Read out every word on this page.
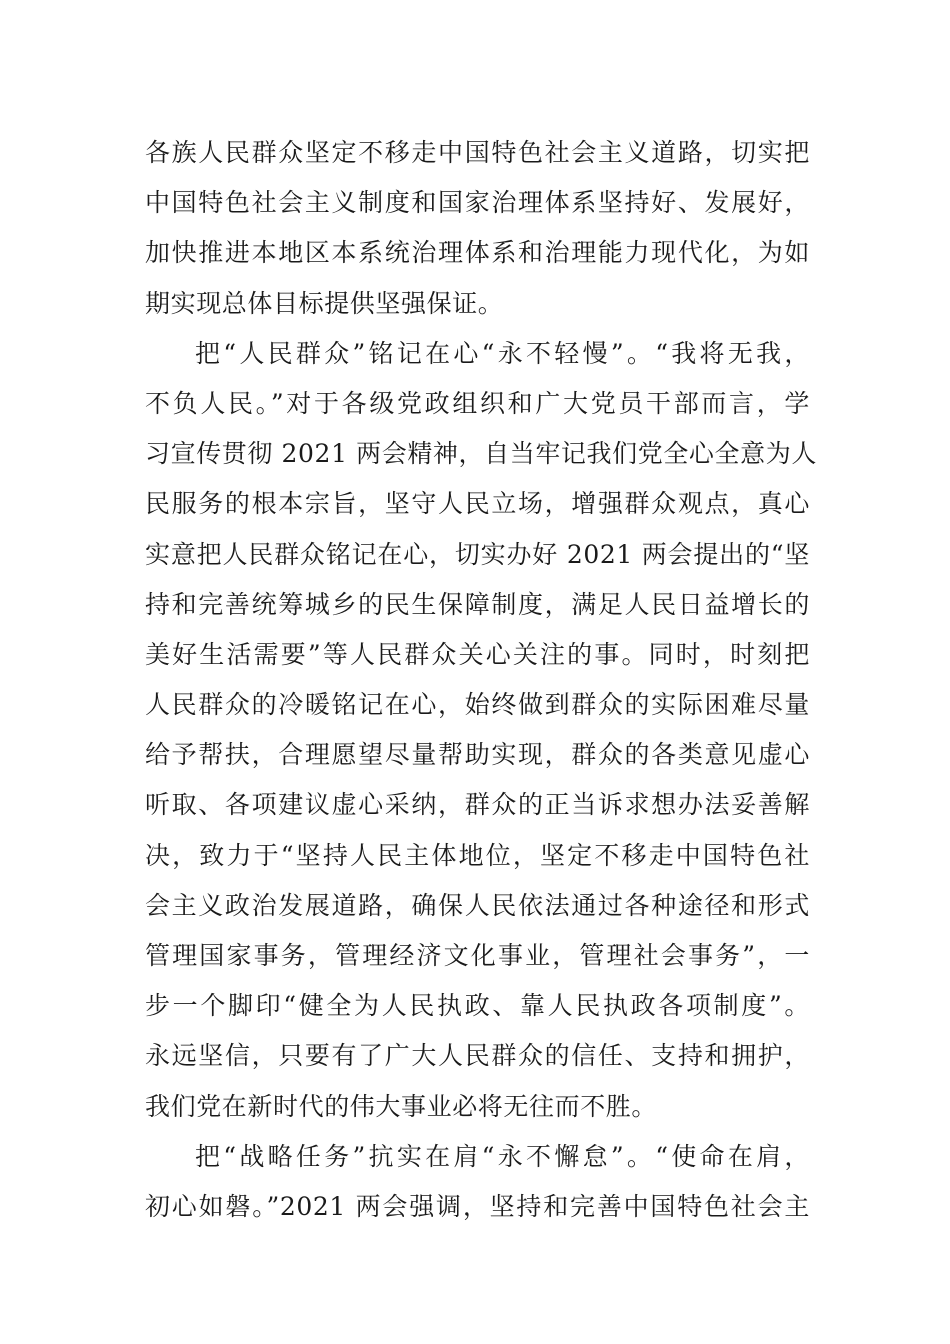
各族人民群众坚定不移走中国特色社会主义道路，切实把
中国特色社会主义制度和国家治理体系坚持好、发展好，
加快推进本地区本系统治理体系和治理能力现代化，为如
期实现总体目标提供坚强保证。
把“人民群众”铭记在心“永不轻慢”。“我将无我，
不负人民。”对于各级党政组织和广大党员干部而言，学
习宣传贯彻 2021 两会精神，自当牢记我们党全心全意为人
民服务的根本宗旨，坚守人民立场，增强群众观点，真心
实意把人民群众铭记在心，切实办好 2021 两会提出的“坚
持和完善统筹城乡的民生保障制度，满足人民日益增长的
美好生活需要”等人民群众关心关注的事。同时，时刻把
人民群众的冷暖铭记在心，始终做到群众的实际困难尽量
给予帮扶，合理愿望尽量帮助实现，群众的各类意见虚心
听取、各项建议虚心采纳，群众的正当诉求想办法妥善解
决，致力于“坚持人民主体地位，坚定不移走中国特色社
会主义政治发展道路，确保人民依法通过各种途径和形式
管理国家事务，管理经济文化事业，管理社会事务”，一
步一个脚印“健全为人民执政、靠人民执政各项制度”。
永远坚信，只要有了广大人民群众的信任、支持和拥护，
我们党在新时代的伟大事业必将无往而不胜。
把“战略任务”抗实在肩“永不懈怠”。“使命在肩，
初心如磐。”2021 两会强调，坚持和完善中国特色社会主
